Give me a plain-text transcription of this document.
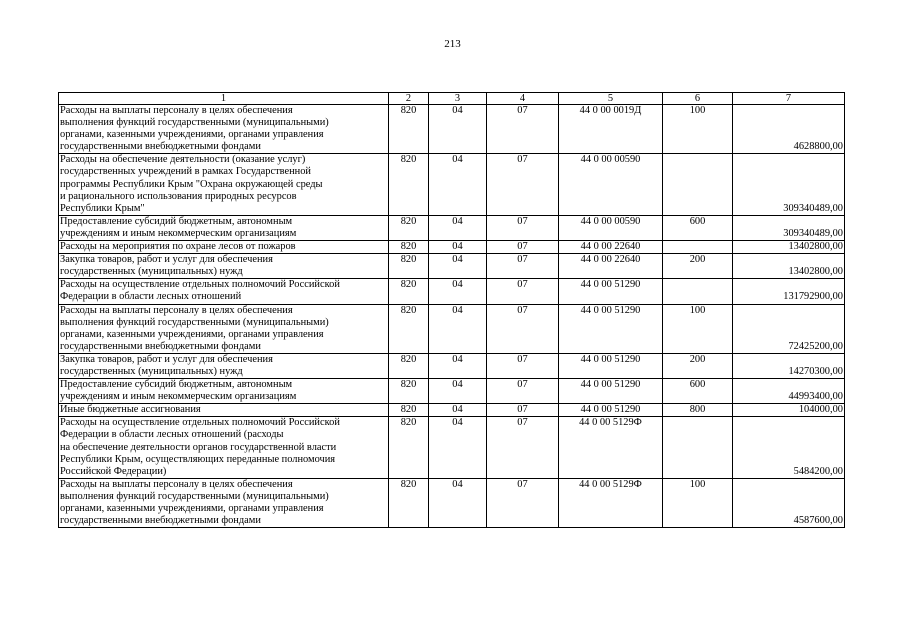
213
1	2	3	4	5	6	7

Расходы на выплаты персоналу в целях обеспечения
выполнения функций государственными (муниципальными)
органами, казенными учреждениями, органами управления
государственными внебюджетными фондами	820	04	07	44 0 00 0019Д	100	4628800,00

Расходы на обеспечение деятельности (оказание услуг)
государственных учреждений в рамках Государственной
программы Республики Крым "Охрана окружающей среды
и рационального использования природных ресурсов
Республики Крым"	820	04	07	44 0 00 00590		309340489,00

Предоставление субсидий бюджетным, автономным
учреждениям и иным некоммерческим организациям	820	04	07	44 0 00 00590	600	309340489,00

Расходы на мероприятия по охране лесов от пожаров	820	04	07	44 0 00 22640		13402800,00

Закупка товаров, работ и услуг для обеспечения
государственных (муниципальных) нужд	820	04	07	44 0 00 22640	200	13402800,00

Расходы на осуществление отдельных полномочий Российской
Федерации в области лесных отношений	820	04	07	44 0 00 51290		131792900,00

Расходы на выплаты персоналу в целях обеспечения
выполнения функций государственными (муниципальными)
органами, казенными учреждениями, органами управления
государственными внебюджетными фондами	820	04	07	44 0 00 51290	100	72425200,00

Закупка товаров, работ и услуг для обеспечения
государственных (муниципальных) нужд	820	04	07	44 0 00 51290	200	14270300,00

Предоставление субсидий бюджетным, автономным
учреждениям и иным некоммерческим организациям	820	04	07	44 0 00 51290	600	44993400,00

Иные бюджетные ассигнования	820	04	07	44 0 00 51290	800	104000,00

Расходы на осуществление отдельных полномочий Российской
Федерации в области лесных отношений (расходы
на обеспечение деятельности органов государственной власти
Республики Крым, осуществляющих переданные полномочия
Российской Федерации)	820	04	07	44 0 00 5129Ф		5484200,00

Расходы на выплаты персоналу в целях обеспечения
выполнения функций государственными (муниципальными)
органами, казенными учреждениями, органами управления
государственными внебюджетными фондами	820	04	07	44 0 00 5129Ф	100	4587600,00
